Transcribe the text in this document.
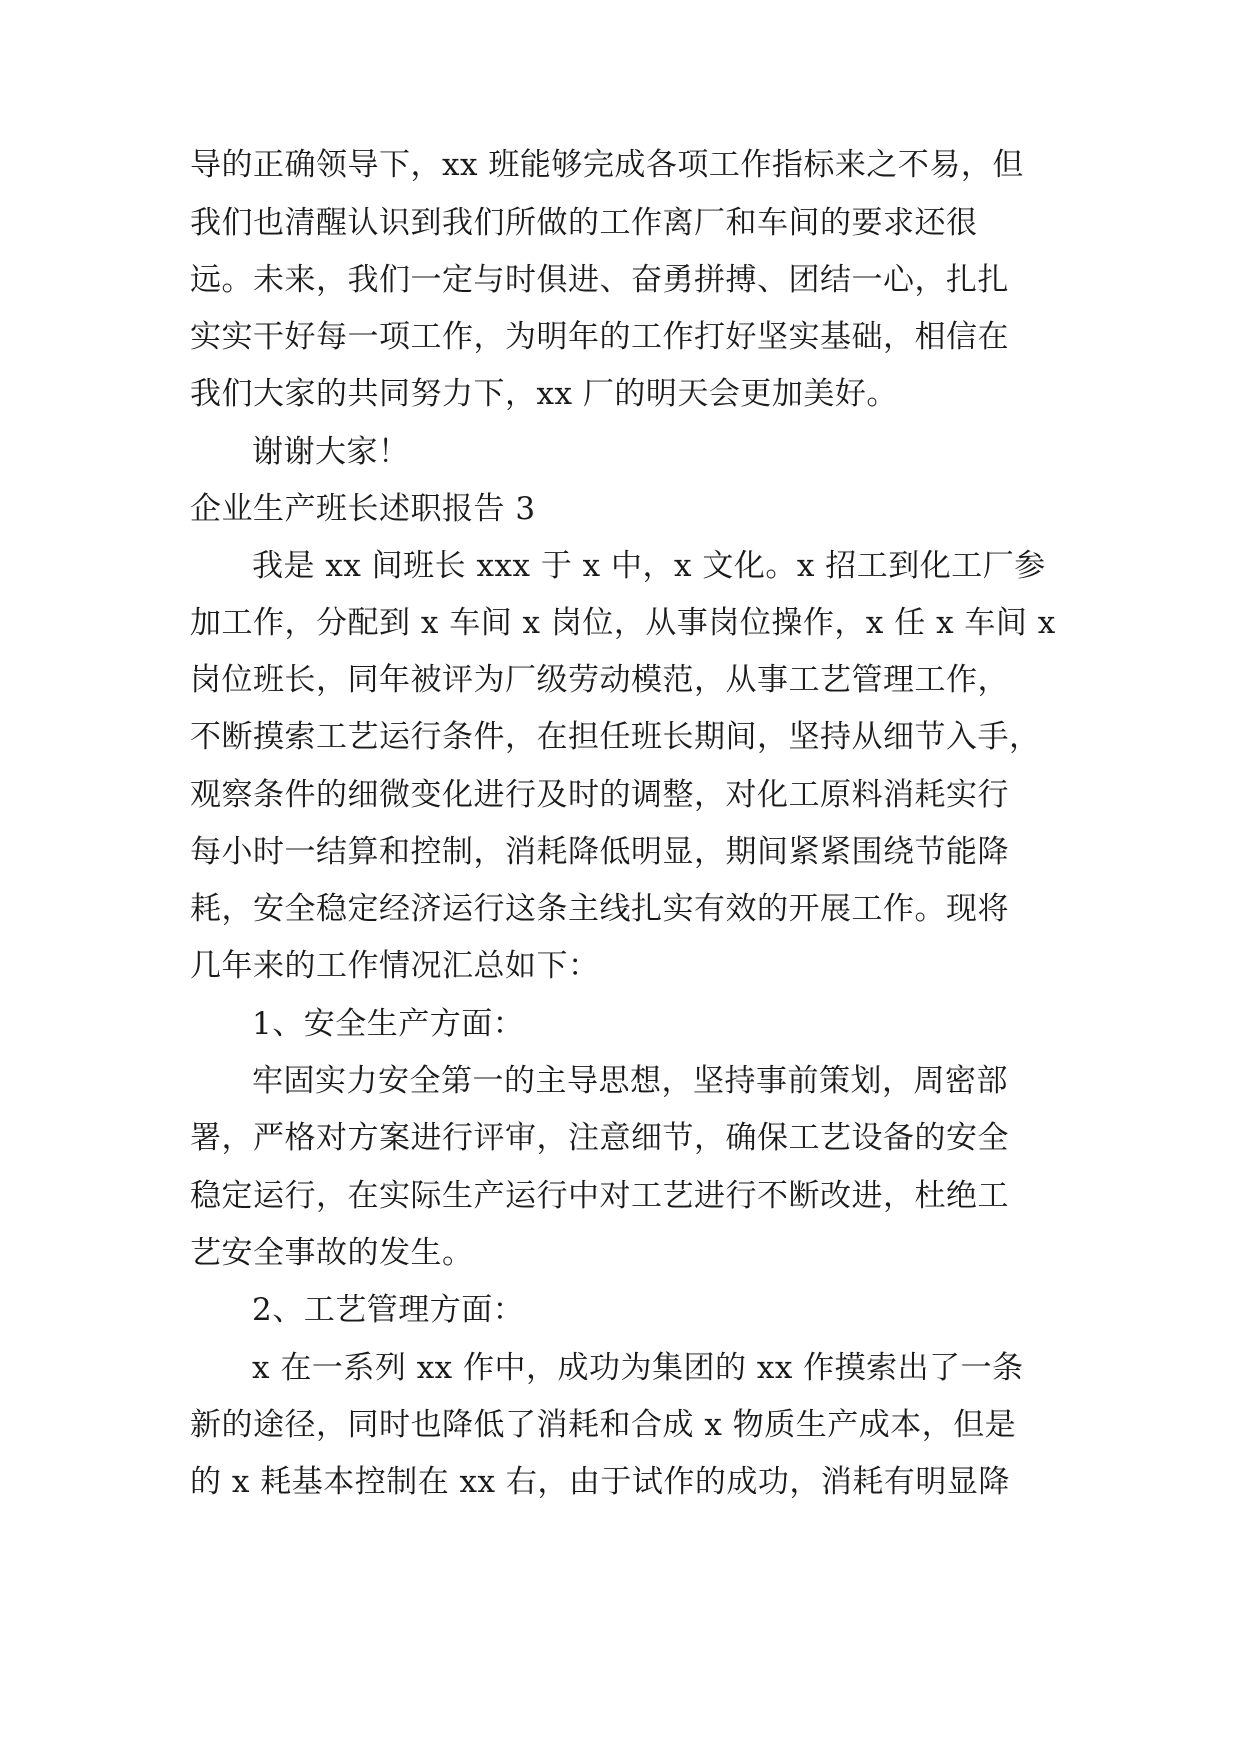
导的正确领导下，xx 班能够完成各项工作指标来之不易，但
我们也清醒认识到我们所做的工作离厂和车间的要求还很
远。未来，我们一定与时俱进、奋勇拼搏、团结一心，扎扎
实实干好每一项工作，为明年的工作打好坚实基础，相信在
我们大家的共同努力下，xx 厂的明天会更加美好。
谢谢大家！
企业生产班长述职报告 3
我是 xx 间班长 xxx 于 x 中，x 文化。x 招工到化工厂参
加工作，分配到 x 车间 x 岗位，从事岗位操作，x 任 x 车间 x
岗位班长，同年被评为厂级劳动模范，从事工艺管理工作，
不断摸索工艺运行条件，在担任班长期间，坚持从细节入手，
观察条件的细微变化进行及时的调整，对化工原料消耗实行
每小时一结算和控制，消耗降低明显，期间紧紧围绕节能降
耗，安全稳定经济运行这条主线扎实有效的开展工作。现将
几年来的工作情况汇总如下：
1、安全生产方面：
牢固实力安全第一的主导思想，坚持事前策划，周密部
署，严格对方案进行评审，注意细节，确保工艺设备的安全
稳定运行，在实际生产运行中对工艺进行不断改进，杜绝工
艺安全事故的发生。
2、工艺管理方面：
x 在一系列 xx 作中，成功为集团的 xx 作摸索出了一条
新的途径，同时也降低了消耗和合成 x 物质生产成本，但是
的 x 耗基本控制在 xx 右，由于试作的成功，消耗有明显降
